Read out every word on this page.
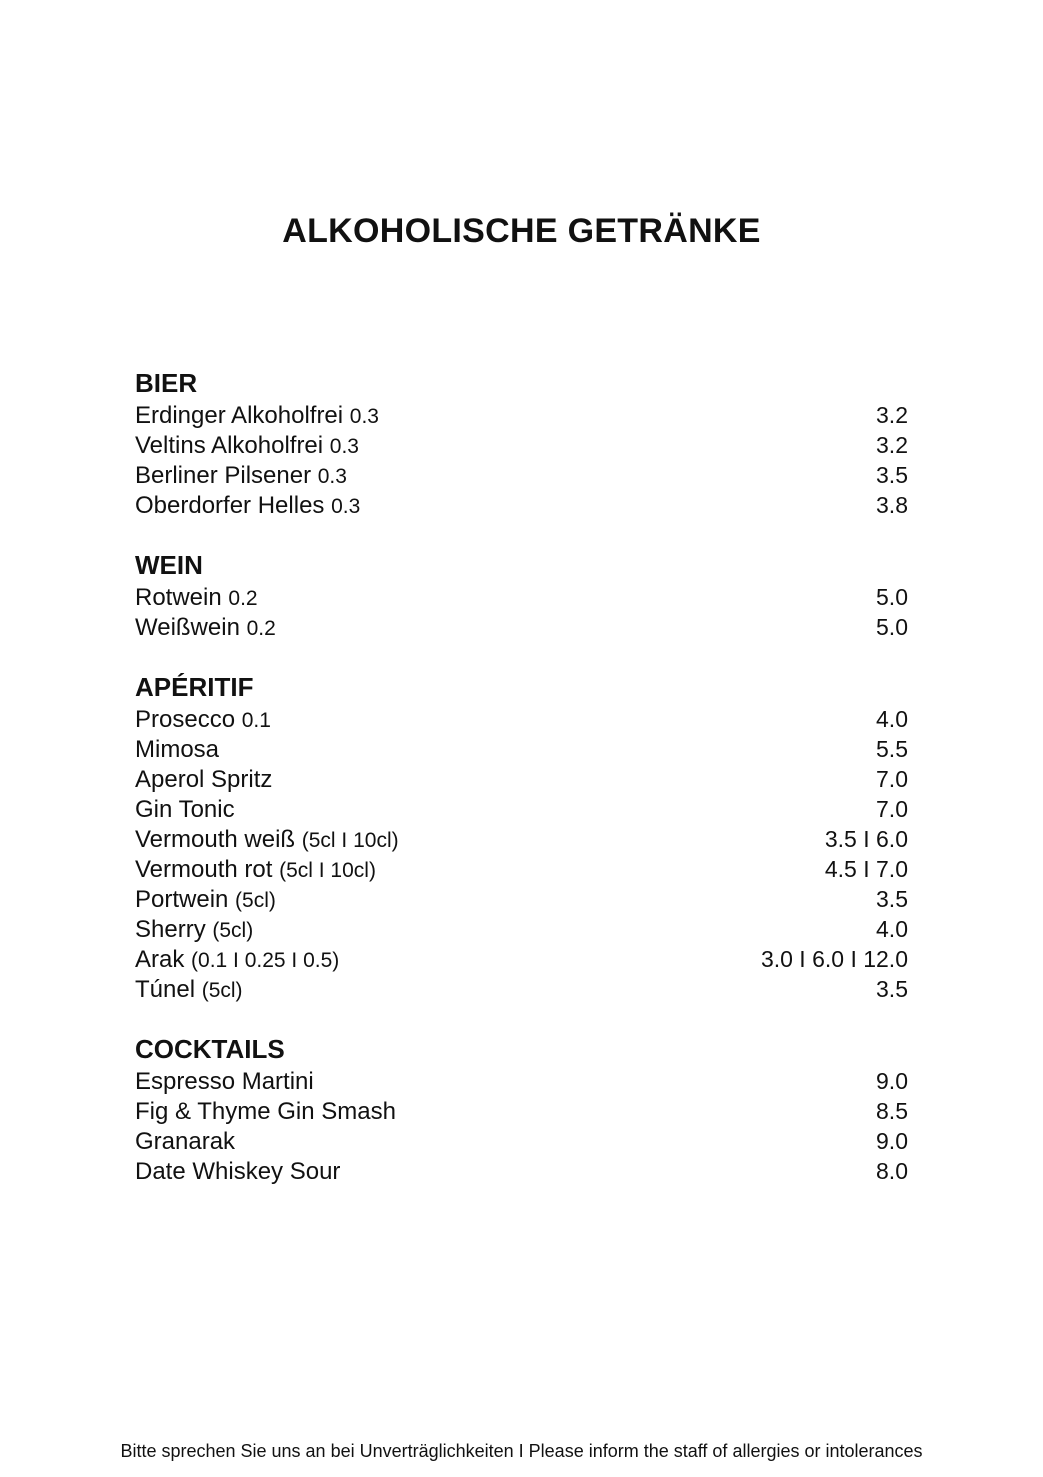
ALKOHOLISCHE GETRÄNKE
BIER
Erdinger Alkoholfrei 0.3	3.2
Veltins Alkoholfrei 0.3	3.2
Berliner Pilsener 0.3	3.5
Oberdorfer Helles 0.3	3.8
WEIN
Rotwein 0.2	5.0
Weißwein 0.2	5.0
APÉRITIF
Prosecco 0.1	4.0
Mimosa	5.5
Aperol Spritz	7.0
Gin Tonic	7.0
Vermouth weiß (5cl I 10cl)	3.5 I 6.0
Vermouth rot (5cl I 10cl)	4.5 I 7.0
Portwein (5cl)	3.5
Sherry (5cl)	4.0
Arak (0.1 I 0.25 I 0.5)	3.0 I 6.0 I 12.0
Túnel (5cl)	3.5
COCKTAILS
Espresso Martini	9.0
Fig & Thyme Gin Smash	8.5
Granarak	9.0
Date Whiskey Sour	8.0
Bitte sprechen Sie uns an bei Unverträglichkeiten I Please inform the staff of allergies or intolerances
